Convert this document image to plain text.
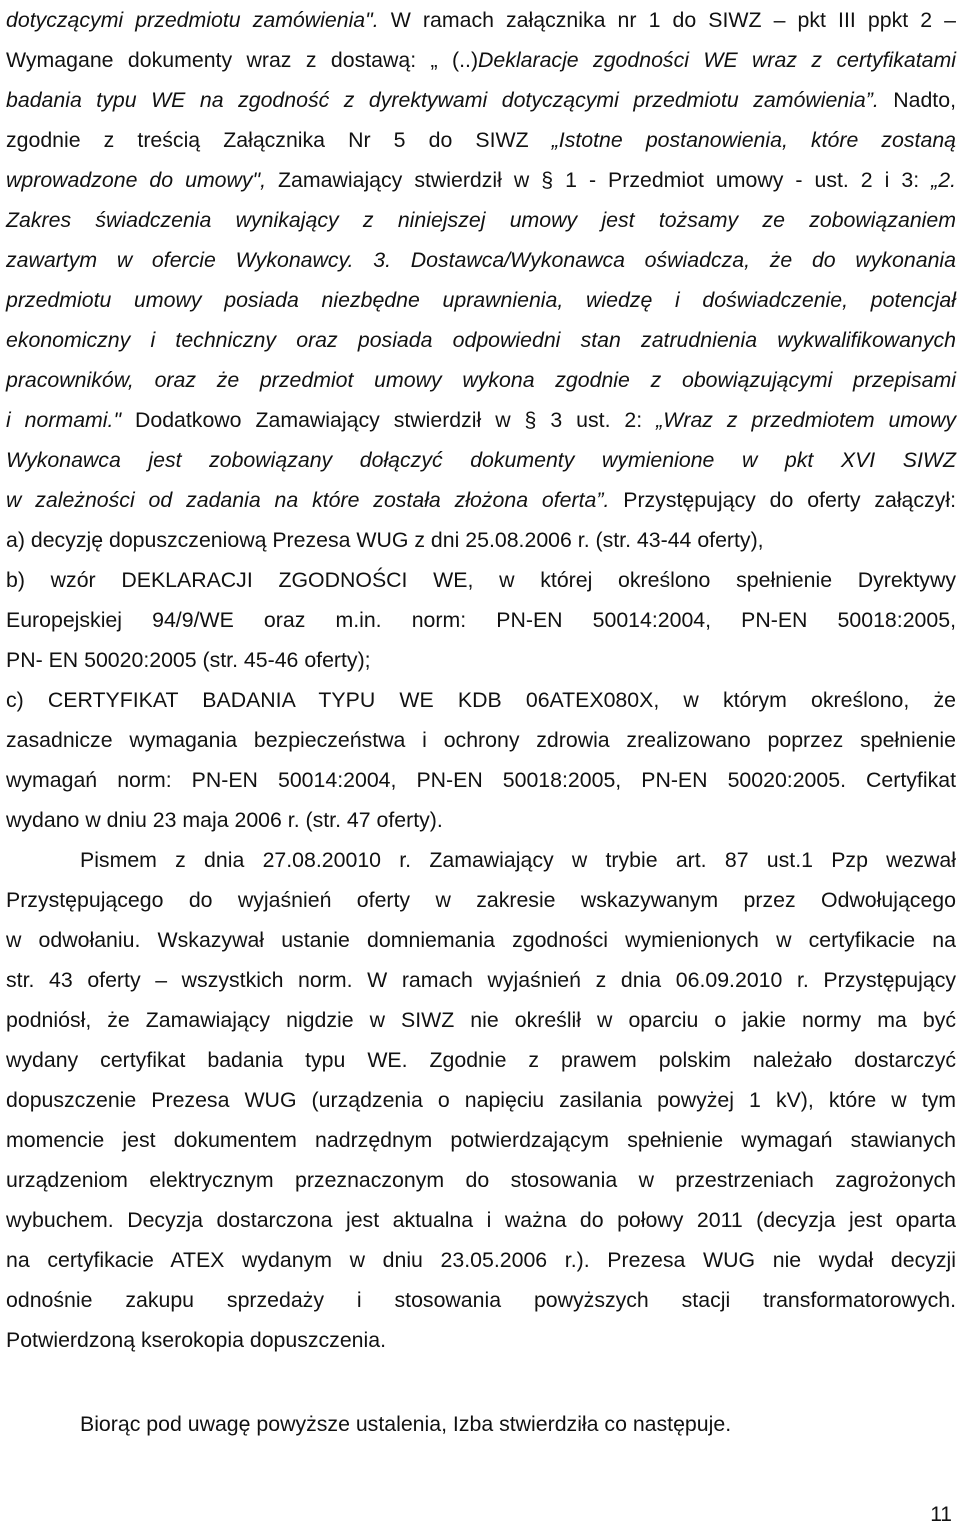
dotyczącymi przedmiotu zamówienia". W ramach załącznika nr 1 do SIWZ – pkt III ppkt 2 –
Wymagane dokumenty wraz z dostawą: „ (..)Deklaracje zgodności WE wraz z certyfikatami
badania typu WE na zgodność z dyrektywami dotyczącymi przedmiotu zamówienia”. Nadto,
zgodnie z treścią Załącznika Nr 5 do SIWZ „Istotne postanowienia, które zostaną
wprowadzone do umowy", Zamawiający stwierdził w § 1 - Przedmiot umowy - ust. 2 i 3: „2.
Zakres świadczenia wynikający z niniejszej umowy jest tożsamy ze zobowiązaniem
zawartym w ofercie Wykonawcy. 3. Dostawca/Wykonawca oświadcza, że do wykonania
przedmiotu umowy posiada niezbędne uprawnienia, wiedzę i doświadczenie, potencjał
ekonomiczny i techniczny oraz posiada odpowiedni stan zatrudnienia wykwalifikowanych
pracowników, oraz że przedmiot umowy wykona zgodnie z obowiązującymi przepisami
i normami." Dodatkowo Zamawiający stwierdził w § 3 ust. 2: „Wraz z przedmiotem umowy
Wykonawca jest zobowiązany dołączyć dokumenty wymienione w pkt XVI SIWZ
w zależności od zadania na które została złożona oferta”. Przystępujący do oferty załączył:
a) decyzję dopuszczeniową Prezesa WUG z dni 25.08.2006 r. (str. 43-44 oferty),
b) wzór DEKLARACJI ZGODNOŚCI WE, w której określono spełnienie Dyrektywy
Europejskiej 94/9/WE oraz m.in. norm: PN-EN 50014:2004, PN-EN 50018:2005,
PN- EN 50020:2005 (str. 45-46 oferty);
c) CERTYFIKAT BADANIA TYPU WE KDB 06ATEX080X, w którym określono, że
zasadnicze wymagania bezpieczeństwa i ochrony zdrowia zrealizowano poprzez spełnienie
wymagań norm: PN-EN 50014:2004, PN-EN 50018:2005, PN-EN 50020:2005. Certyfikat
wydano w dniu 23 maja 2006 r. (str. 47 oferty).
Pismem z dnia 27.08.20010 r. Zamawiający w trybie art. 87 ust.1 Pzp wezwał
Przystępującego do wyjaśnień oferty w zakresie wskazywanym przez Odwołującego
w odwołaniu. Wskazywał ustanie domniemania zgodności wymienionych w certyfikacie na
str. 43 oferty – wszystkich norm. W ramach wyjaśnień z dnia 06.09.2010 r. Przystępujący
podniósł, że Zamawiający nigdzie w SIWZ nie określił w oparciu o jakie normy ma być
wydany certyfikat badania typu WE. Zgodnie z prawem polskim należało dostarczyć
dopuszczenie Prezesa WUG (urządzenia o napięciu zasilania powyżej 1 kV), które w tym
momencie jest dokumentem nadrzędnym potwierdzającym spełnienie wymagań stawianych
urządzeniom elektrycznym przeznaczonym do stosowania w przestrzeniach zagrożonych
wybuchem. Decyzja dostarczona jest aktualna i ważna do połowy 2011 (decyzja jest oparta
na certyfikacie ATEX wydanym w dniu 23.05.2006 r.). Prezesa WUG nie wydał decyzji
odnośnie zakupu sprzedaży i stosowania powyższych stacji transformatorowych.
Potwierdzoną kserokopia dopuszczenia.
Biorąc pod uwagę powyższe ustalenia, Izba stwierdziła co następuje.
11
